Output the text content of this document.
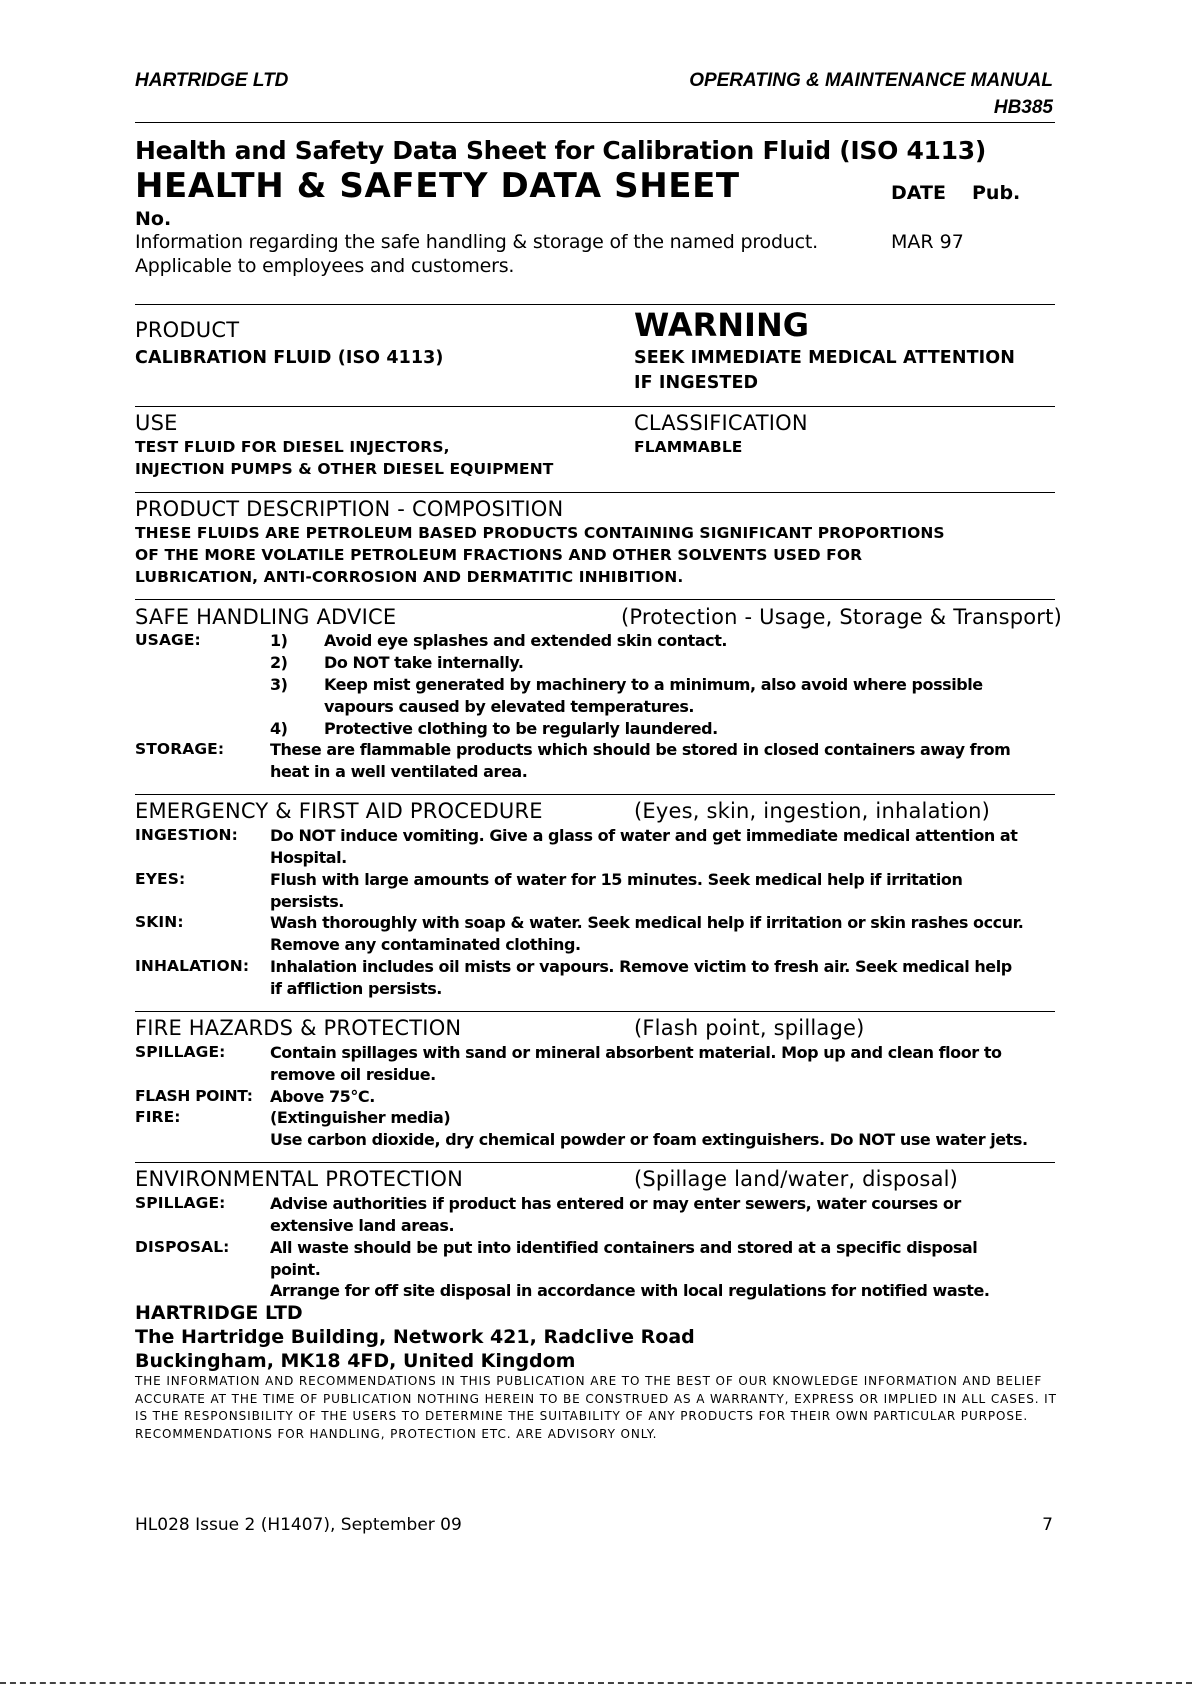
HARTRIDGE LTD	OPERATING & MAINTENANCE MANUAL
HB385
Health and Safety Data Sheet for Calibration Fluid (ISO 4113)
HEALTH & SAFETY DATA SHEET	DATE Pub.
No.
Information regarding the safe handling & storage of the named product.	MAR 97
Applicable to employees and customers.
PRODUCT
CALIBRATION FLUID (ISO 4113)
WARNING
SEEK IMMEDIATE MEDICAL ATTENTION
IF INGESTED
USE
TEST FLUID FOR DIESEL INJECTORS,
INJECTION PUMPS & OTHER DIESEL EQUIPMENT
CLASSIFICATION
FLAMMABLE
PRODUCT DESCRIPTION - COMPOSITION
THESE FLUIDS ARE PETROLEUM BASED PRODUCTS CONTAINING SIGNIFICANT PROPORTIONS
OF THE MORE VOLATILE PETROLEUM FRACTIONS AND OTHER SOLVENTS USED FOR
LUBRICATION, ANTI-CORROSION AND DERMATITIC INHIBITION.
SAFE HANDLING ADVICE	(Protection - Usage, Storage & Transport)
USAGE:	1) Avoid eye splashes and extended skin contact.
2) Do NOT take internally.
3) Keep mist generated by machinery to a minimum, also avoid where possible
vapours caused by elevated temperatures.
4) Protective clothing to be regularly laundered.
STORAGE:	These are flammable products which should be stored in closed containers away from
heat in a well ventilated area.
EMERGENCY & FIRST AID PROCEDURE	(Eyes, skin, ingestion, inhalation)
INGESTION: Do NOT induce vomiting. Give a glass of water and get immediate medical attention at
Hospital.
EYES:	Flush with large amounts of water for 15 minutes. Seek medical help if irritation
persists.
SKIN:	Wash thoroughly with soap & water. Seek medical help if irritation or skin rashes occur.
Remove any contaminated clothing.
INHALATION: Inhalation includes oil mists or vapours. Remove victim to fresh air. Seek medical help
if affliction persists.
FIRE HAZARDS & PROTECTION	(Flash point, spillage)
SPILLAGE:	Contain spillages with sand or mineral absorbent material. Mop up and clean floor to
remove oil residue.
FLASH POINT: Above 75°C.
FIRE:	(Extinguisher media)
Use carbon dioxide, dry chemical powder or foam extinguishers. Do NOT use water jets.
ENVIRONMENTAL PROTECTION	(Spillage land/water, disposal)
SPILLAGE:	Advise authorities if product has entered or may enter sewers, water courses or
extensive land areas.
DISPOSAL:	All waste should be put into identified containers and stored at a specific disposal
point.
Arrange for off site disposal in accordance with local regulations for notified waste.
HARTRIDGE LTD
The Hartridge Building, Network 421, Radclive Road
Buckingham, MK18 4FD, United Kingdom
THE INFORMATION AND RECOMMENDATIONS IN THIS PUBLICATION ARE TO THE BEST OF OUR KNOWLEDGE INFORMATION AND BELIEF ACCURATE AT THE TIME OF PUBLICATION NOTHING HEREIN TO BE CONSTRUED AS A WARRANTY, EXPRESS OR IMPLIED IN ALL CASES. IT IS THE RESPONSIBILITY OF THE USERS TO DETERMINE THE SUITABILITY OF ANY PRODUCTS FOR THEIR OWN PARTICULAR PURPOSE. RECOMMENDATIONS FOR HANDLING, PROTECTION ETC. ARE ADVISORY ONLY.
HL028 Issue 2 (H1407), September 09	7
